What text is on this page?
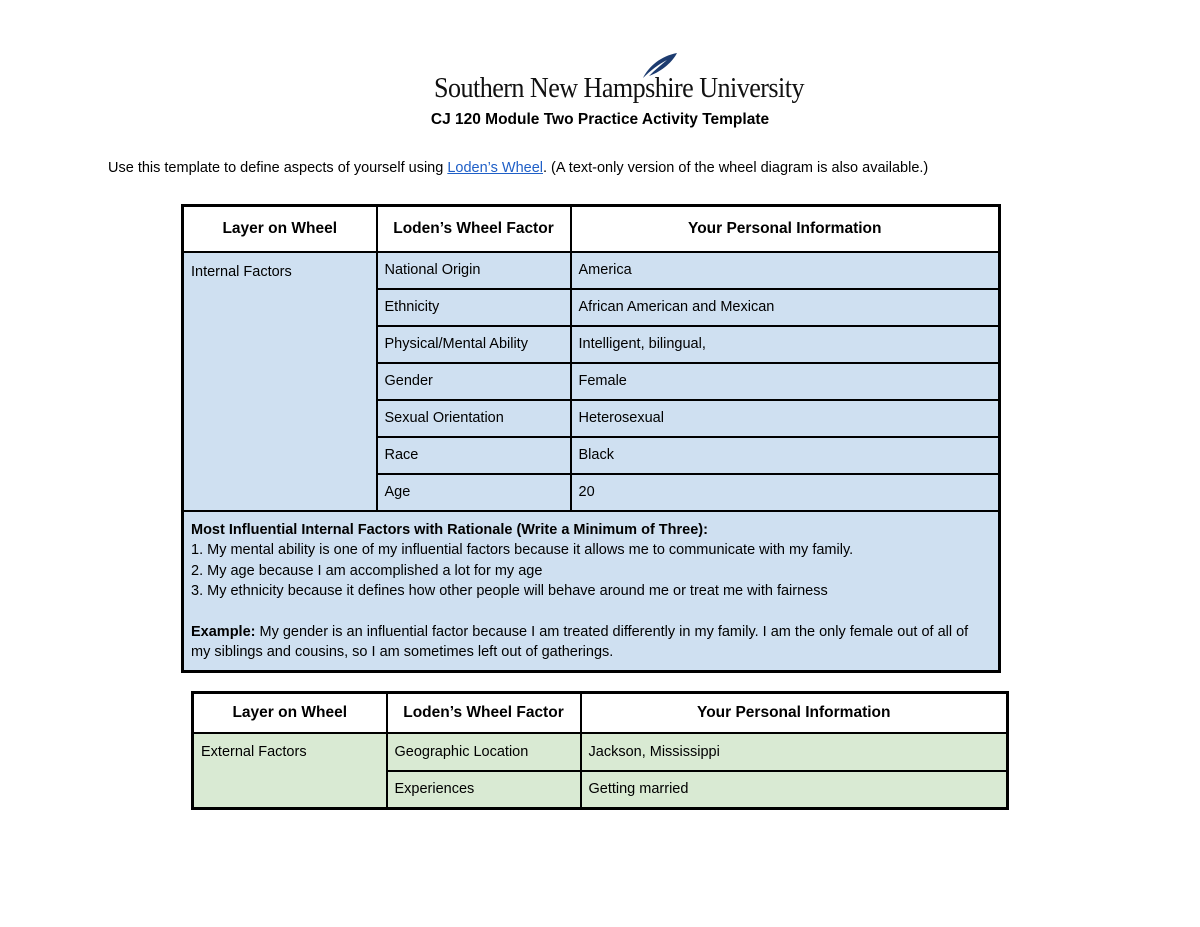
Southern New Hampshire University
CJ 120 Module Two Practice Activity Template
Use this template to define aspects of yourself using Loden’s Wheel. (A text-only version of the wheel diagram is also available.)
Layer on Wheel	Loden’s Wheel Factor	Your Personal Information
Internal Factors	National Origin	America
	Ethnicity	African American and Mexican
	Physical/Mental Ability	Intelligent, bilingual,
	Gender	Female
	Sexual Orientation	Heterosexual
	Race	Black
	Age	20

Most Influential Internal Factors with Rationale (Write a Minimum of Three):

1. My mental ability is one of my influential factors because it allows me to communicate with my family.

2. My age because I am accomplished a lot for my age

3. My ethnicity because it defines how other people will behave around me or treat me with fairness

Example: My gender is an influential factor because I am treated differently in my family. I am the only female out of all of my siblings and cousins, so I am sometimes left out of gatherings.		

Layer on Wheel	Loden’s Wheel Factor	Your Personal Information
External Factors	Geographic Location	Jackson, Mississippi
	Experiences	Getting married
